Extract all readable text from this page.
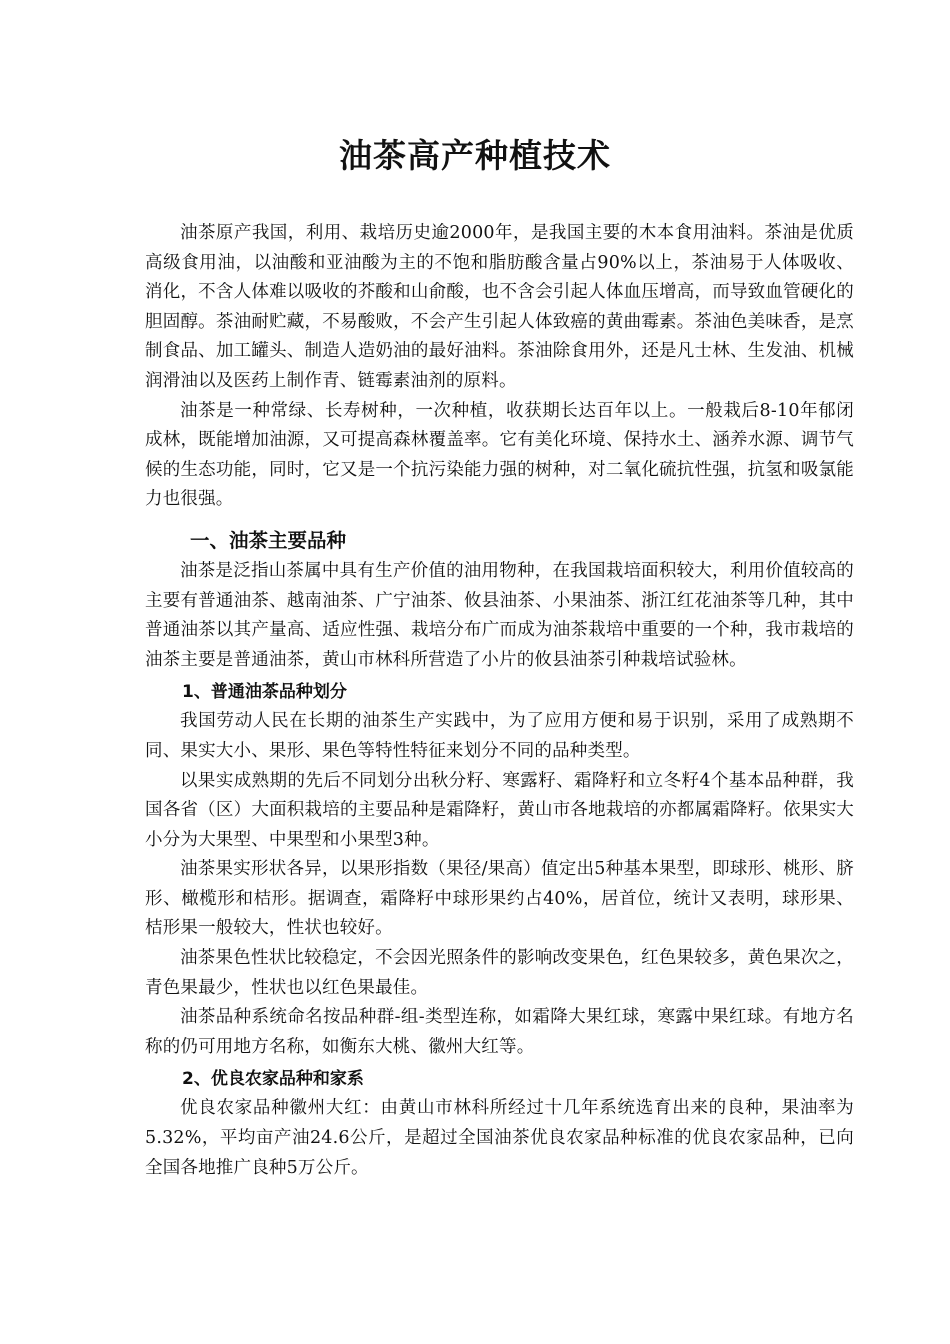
油茶高产种植技术

油茶原产我国，利用、栽培历史逾2000年，是我国主要的木本食用油料。茶油是优质高级食用油，以油酸和亚油酸为主的不饱和脂肪酸含量占90%以上，茶油易于人体吸收、消化，不含人体难以吸收的芥酸和山俞酸，也不含会引起人体血压增高，而导致血管硬化的胆固醇。茶油耐贮藏，不易酸败，不会产生引起人体致癌的黄曲霉素。茶油色美味香，是烹制食品、加工罐头、制造人造奶油的最好油料。茶油除食用外，还是凡士林、生发油、机械润滑油以及医药上制作青、链霉素油剂的原料。

油茶是一种常绿、长寿树种，一次种植，收获期长达百年以上。一般栽后8-10年郁闭成林，既能增加油源，又可提高森林覆盖率。它有美化环境、保持水土、涵养水源、调节气候的生态功能，同时，它又是一个抗污染能力强的树种，对二氧化硫抗性强，抗氢和吸氯能力也很强。

一、油茶主要品种

油茶是泛指山茶属中具有生产价值的油用物种，在我国栽培面积较大，利用价值较高的主要有普通油茶、越南油茶、广宁油茶、攸县油茶、小果油茶、浙江红花油茶等几种，其中普通油茶以其产量高、适应性强、栽培分布广而成为油茶栽培中重要的一个种，我市栽培的油茶主要是普通油茶，黄山市林科所营造了小片的攸县油茶引种栽培试验林。

1、普通油茶品种划分

我国劳动人民在长期的油茶生产实践中，为了应用方便和易于识别，采用了成熟期不同、果实大小、果形、果色等特性特征来划分不同的品种类型。

以果实成熟期的先后不同划分出秋分籽、寒露籽、霜降籽和立冬籽4个基本品种群，我国各省（区）大面积栽培的主要品种是霜降籽，黄山市各地栽培的亦都属霜降籽。依果实大小分为大果型、中果型和小果型3种。

油茶果实形状各异，以果形指数（果径/果高）值定出5种基本果型，即球形、桃形、脐形、橄榄形和桔形。据调查，霜降籽中球形果约占40%，居首位，统计又表明，球形果、桔形果一般较大，性状也较好。

油茶果色性状比较稳定，不会因光照条件的影响改变果色，红色果较多，黄色果次之，青色果最少，性状也以红色果最佳。

油茶品种系统命名按品种群-组-类型连称，如霜降大果红球，寒露中果红球。有地方名称的仍可用地方名称，如衡东大桃、徽州大红等。

2、优良农家品种和家系

优良农家品种徽州大红：由黄山市林科所经过十几年系统选育出来的良种，果油率为5.32%，平均亩产油24.6公斤，是超过全国油茶优良农家品种标准的优良农家品种，已向全国各地推广良种5万公斤。
